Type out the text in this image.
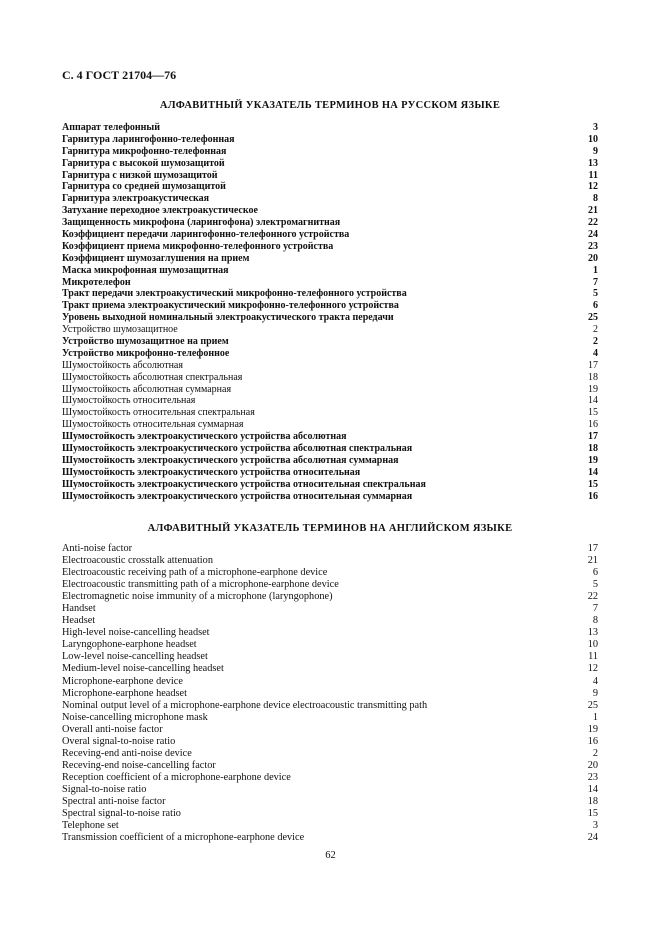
С. 4 ГОСТ 21704—76
АЛФАВИТНЫЙ УКАЗАТЕЛЬ ТЕРМИНОВ НА РУССКОМ ЯЗЫКЕ
Аппарат телефонный	3
Гарнитура ларингофонно-телефонная	10
Гарнитура микрофонно-телефонная	9
Гарнитура с высокой шумозащитой	13
Гарнитура с низкой шумозащитой	11
Гарнитура со средней шумозащитой	12
Гарнитура электроакустическая	8
Затухание переходное электроакустическое	21
Защищенность микрофона (ларингофона) электромагнитная	22
Коэффициент передачи ларингофонно-телефонного устройства	24
Коэффициент приема микрофонно-телефонного устройства	23
Коэффициент шумозаглушения на прием	20
Маска микрофонная шумозащитная	1
Микротелефон	7
Тракт передачи электроакустический микрофонно-телефонного устройства	5
Тракт приема электроакустический микрофонно-телефонного устройства	6
Уровень выходной номинальный электроакустического тракта передачи	25
Устройство шумозащитное	2
Устройство шумозащитное на прием	2
Устройство микрофонно-телефонное	4
Шумостойкость абсолютная	17
Шумостойкость абсолютная спектральная	18
Шумостойкость абсолютная суммарная	19
Шумостойкость относительная	14
Шумостойкость относительная спектральная	15
Шумостойкость относительная суммарная	16
Шумостойкость электроакустического устройства абсолютная	17
Шумостойкость электроакустического устройства абсолютная спектральная	18
Шумостойкость электроакустического устройства абсолютная суммарная	19
Шумостойкость электроакустического устройства относительная	14
Шумостойкость электроакустического устройства относительная спектральная	15
Шумостойкость электроакустического устройства относительная суммарная	16
АЛФАВИТНЫЙ УКАЗАТЕЛЬ ТЕРМИНОВ НА АНГЛИЙСКОМ ЯЗЫКЕ
Anti-noise factor	17
Electroacoustic crosstalk attenuation	21
Electroacoustic receiving path of a microphone-earphone device	6
Electroacoustic transmitting path of a microphone-earphone device	5
Electromagnetic noise immunity of a microphone (laryngophone)	22
Handset	7
Headset	8
High-level noise-cancelling headset	13
Laryngophone-earphone headset	10
Low-level noise-cancelling headset	11
Medium-level noise-cancelling headset	12
Microphone-earphone device	4
Microphone-earphone headset	9
Nominal output level of a microphone-earphone device electroacoustic transmitting path	25
Noise-cancelling microphone mask	1
Overall anti-noise factor	19
Overal signal-to-noise ratio	16
Receving-end anti-noise device	2
Receving-end noise-cancelling factor	20
Reception coefficient of a microphone-earphone device	23
Signal-to-noise ratio	14
Spectral anti-noise factor	18
Spectral signal-to-noise ratio	15
Telephone set	3
Transmission coefficient of a microphone-earphone device	24
62
